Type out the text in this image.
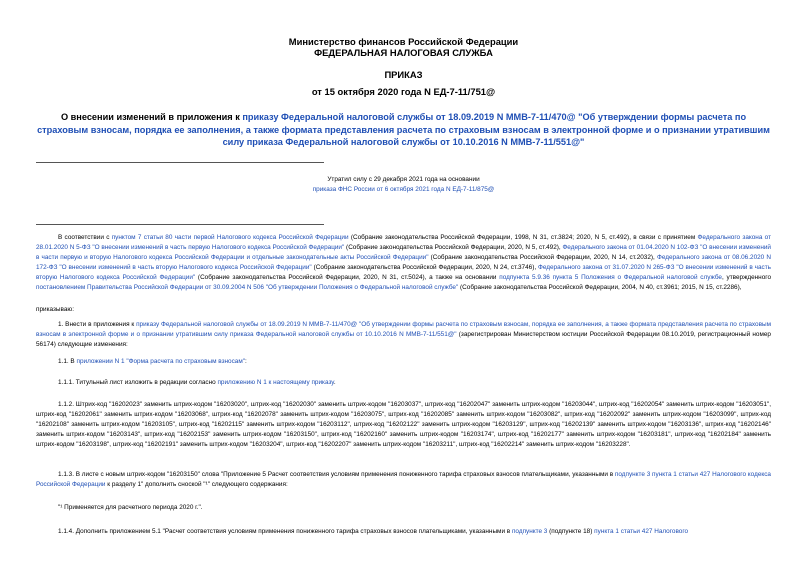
Министерство финансов Российской Федерации
ФЕДЕРАЛЬНАЯ НАЛОГОВАЯ СЛУЖБА
ПРИКАЗ
от 15 октября 2020 года N ЕД-7-11/751@
О внесении изменений в приложения к приказу Федеральной налоговой службы от 18.09.2019 N ММВ-7-11/470@ "Об утверждении формы расчета по страховым взносам, порядка ее заполнения, а также формата представления расчета по страховым взносам в электронной форме и о признании утратившим силу приказа Федеральной налоговой службы от 10.10.2016 N ММВ-7-11/551@"
Утратил силу с 29 декабря 2021 года на основании
приказа ФНС России от 6 октября 2021 года N ЕД-7-11/875@
В соответствии с пунктом 7 статьи 80 части первой Налогового кодекса Российской Федерации (Собрание законодательства Российской Федерации, 1998, N 31, ст.3824; 2020, N 5, ст.492), в связи с принятием Федерального закона от 28.01.2020 N 5-ФЗ "О внесении изменений в часть первую Налогового кодекса Российской Федерации" (Собрание законодательства Российской Федерации, 2020, N 5, ст.492), Федерального закона от 01.04.2020 N 102-ФЗ "О внесении изменений в части первую и вторую Налогового кодекса Российской Федерации и отдельные законодательные акты Российской Федерации" (Собрание законодательства Российской Федерации, 2020, N 14, ст.2032), Федерального закона от 08.06.2020 N 172-ФЗ "О внесении изменений в часть вторую Налогового кодекса Российской Федерации" (Собрание законодательства Российской Федерации, 2020, N 24, ст.3746), Федерального закона от 31.07.2020 N 265-ФЗ "О внесении изменений в часть вторую Налогового кодекса Российской Федерации" (Собрание законодательства Российской Федерации, 2020, N 31, ст.5024), а также на основании подпункта 5.9.36 пункта 5 Положения о Федеральной налоговой службе, утвержденного постановлением Правительства Российской Федерации от 30.09.2004 N 506 "Об утверждении Положения о Федеральной налоговой службе" (Собрание законодательства Российской Федерации, 2004, N 40, ст.3961; 2015, N 15, ст.2286),
приказываю:
1. Внести в приложения к приказу Федеральной налоговой службы от 18.09.2019 N ММВ-7-11/470@ "Об утверждении формы расчета по страховым взносам, порядка ее заполнения, а также формата представления расчета по страховым взносам в электронной форме и о признании утратившим силу приказа Федеральной налоговой службы от 10.10.2016 N ММВ-7-11/551@" (зарегистрирован Министерством юстиции Российской Федерации 08.10.2019, регистрационный номер 56174) следующие изменения:
1.1. В приложении N 1 "Форма расчета по страховым взносам":
1.1.1. Титульный лист изложить в редакции согласно приложению N 1 к настоящему приказу.
1.1.2. Штрих-код "16202023" заменить штрих-кодом "16203020", штрих-код "16202030" заменить штрих-кодом "16203037", штрих-код "16202047" заменить штрих-кодом "16203044", штрих-код "16202054" заменить штрих-кодом "16203051", штрих-код "16202061" заменить штрих-кодом "16203068", штрих-код "16202078" заменить штрих-кодом "16203075", штрих-код "16202085" заменить штрих-кодом "16203082", штрих-код "16202092" заменить штрих-кодом "16203099", штрих-код "16202108" заменить штрих-кодом "16203105", штрих-код "16202115" заменить штрих-кодом "16203112", штрих-код "16202122" заменить штрих-кодом "16203129", штрих-код "16202139" заменить штрих-кодом "16203136", штрих-код "16202146" заменить штрих-кодом "16203143", штрих-код "16202153" заменить штрих-кодом "16203150", штрих-код "16202160" заменить штрих-кодом "16203174", штрих-код "16202177" заменить штрих-кодом "16203181", штрих-код "16202184" заменить штрих-кодом "16203198", штрих-код "16202191" заменить штрих-кодом "16203204", штрих-код "16202207" заменить штрих-кодом "16203211", штрих-код "16202214" заменить штрих-кодом "16203228".
1.1.3. В листе с новым штрих-кодом "16203150" слова "Приложение 5 Расчет соответствия условиям применения пониженного тарифа страховых взносов плательщиками, указанными в подпункте 3 пункта 1 статьи 427 Налогового кодекса Российской Федерации к разделу 1" дополнить сноской "¹" следующего содержания:
"¹ Применяется для расчетного периода 2020 г.".
1.1.4. Дополнить приложением 5.1 "Расчет соответствия условиям применения пониженного тарифа страховых взносов плательщиками, указанными в подпункте 3 (подпункте 18) пункта 1 статьи 427 Налогового
